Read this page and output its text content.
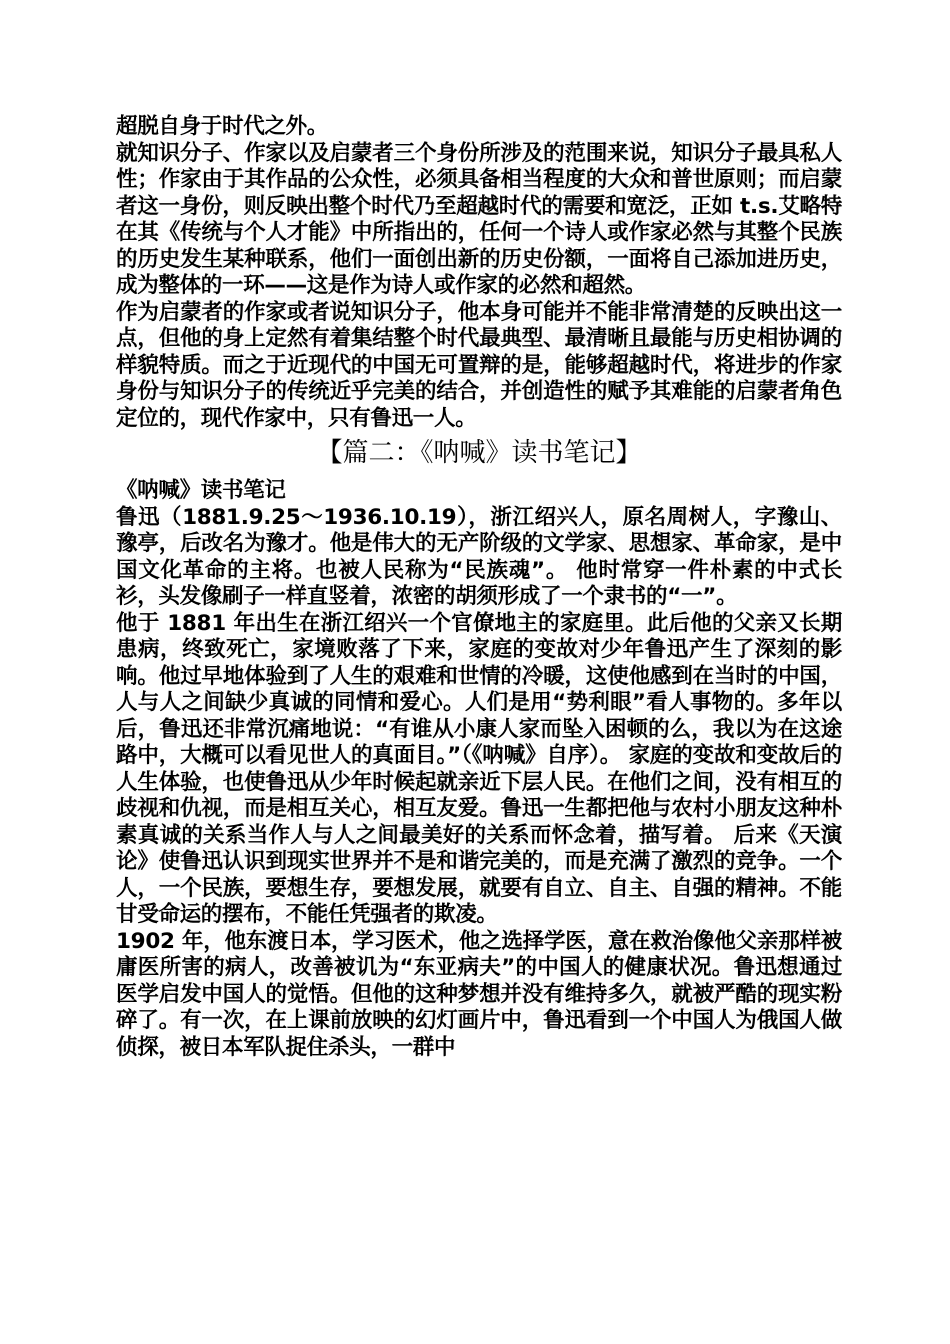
超脱自身于时代之外。

就知识分子、作家以及启蒙者三个身份所涉及的范围来说，知识分子最具私人性；作家由于其作品的公众性，必须具备相当程度的大众和普世原则；而启蒙者这一身份，则反映出整个时代乃至超越时代的需要和宽泛，正如 t.s.艾略特在其《传统与个人才能》中所指出的，任何一个诗人或作家必然与其整个民族的历史发生某种联系，他们一面创出新的历史份额，一面将自己添加进历史，成为整体的一环——这是作为诗人或作家的必然和超然。

作为启蒙者的作家或者说知识分子，他本身可能并不能非常清楚的反映出这一点，但他的身上定然有着集结整个时代最典型、最清晰且最能与历史相协调的样貌特质。而之于近现代的中国无可置辩的是，能够超越时代，将进步的作家身份与知识分子的传统近乎完美的结合，并创造性的赋予其难能的启蒙者角色定位的，现代作家中，只有鲁迅一人。

【篇二：《呐喊》读书笔记】

《呐喊》读书笔记

鲁迅（1881.9.25～1936.10.19），浙江绍兴人，原名周树人，字豫山、豫亭，后改名为豫才。他是伟大的无产阶级的文学家、思想家、革命家，是中国文化革命的主将。也被人民称为“民族魂”。 他时常穿一件朴素的中式长衫，头发像刷子一样直竖着，浓密的胡须形成了一个隶书的“一”。

他于 1881 年出生在浙江绍兴一个官僚地主的家庭里。此后他的父亲又长期患病，终致死亡，家境败落了下来，家庭的变故对少年鲁迅产生了深刻的影响。他过早地体验到了人生的艰难和世情的冷暖，这使他感到在当时的中国，人与人之间缺少真诚的同情和爱心。人们是用“势利眼”看人事物的。多年以后，鲁迅还非常沉痛地说：“有谁从小康人家而坠入困顿的么，我以为在这途路中，大概可以看见世人的真面目。”（《呐喊》自序）。 家庭的变故和变故后的人生体验，也使鲁迅从少年时候起就亲近下层人民。在他们之间，没有相互的歧视和仇视，而是相互关心，相互友爱。鲁迅一生都把他与农村小朋友这种朴素真诚的关系当作人与人之间最美好的关系而怀念着，描写着。 后来《天演论》使鲁迅认识到现实世界并不是和谐完美的，而是充满了激烈的竞争。一个人，一个民族，要想生存，要想发展，就要有自立、自主、自强的精神。不能甘受命运的摆布，不能任凭强者的欺凌。

1902 年，他东渡日本，学习医术，他之选择学医，意在救治像他父亲那样被庸医所害的病人，改善被讥为“东亚病夫”的中国人的健康状况。鲁迅想通过医学启发中国人的觉悟。但他的这种梦想并没有维持多久，就被严酷的现实粉碎了。有一次，在上课前放映的幻灯画片中，鲁迅看到一个中国人为俄国人做侦探，被日本军队捉住杀头，一群中
